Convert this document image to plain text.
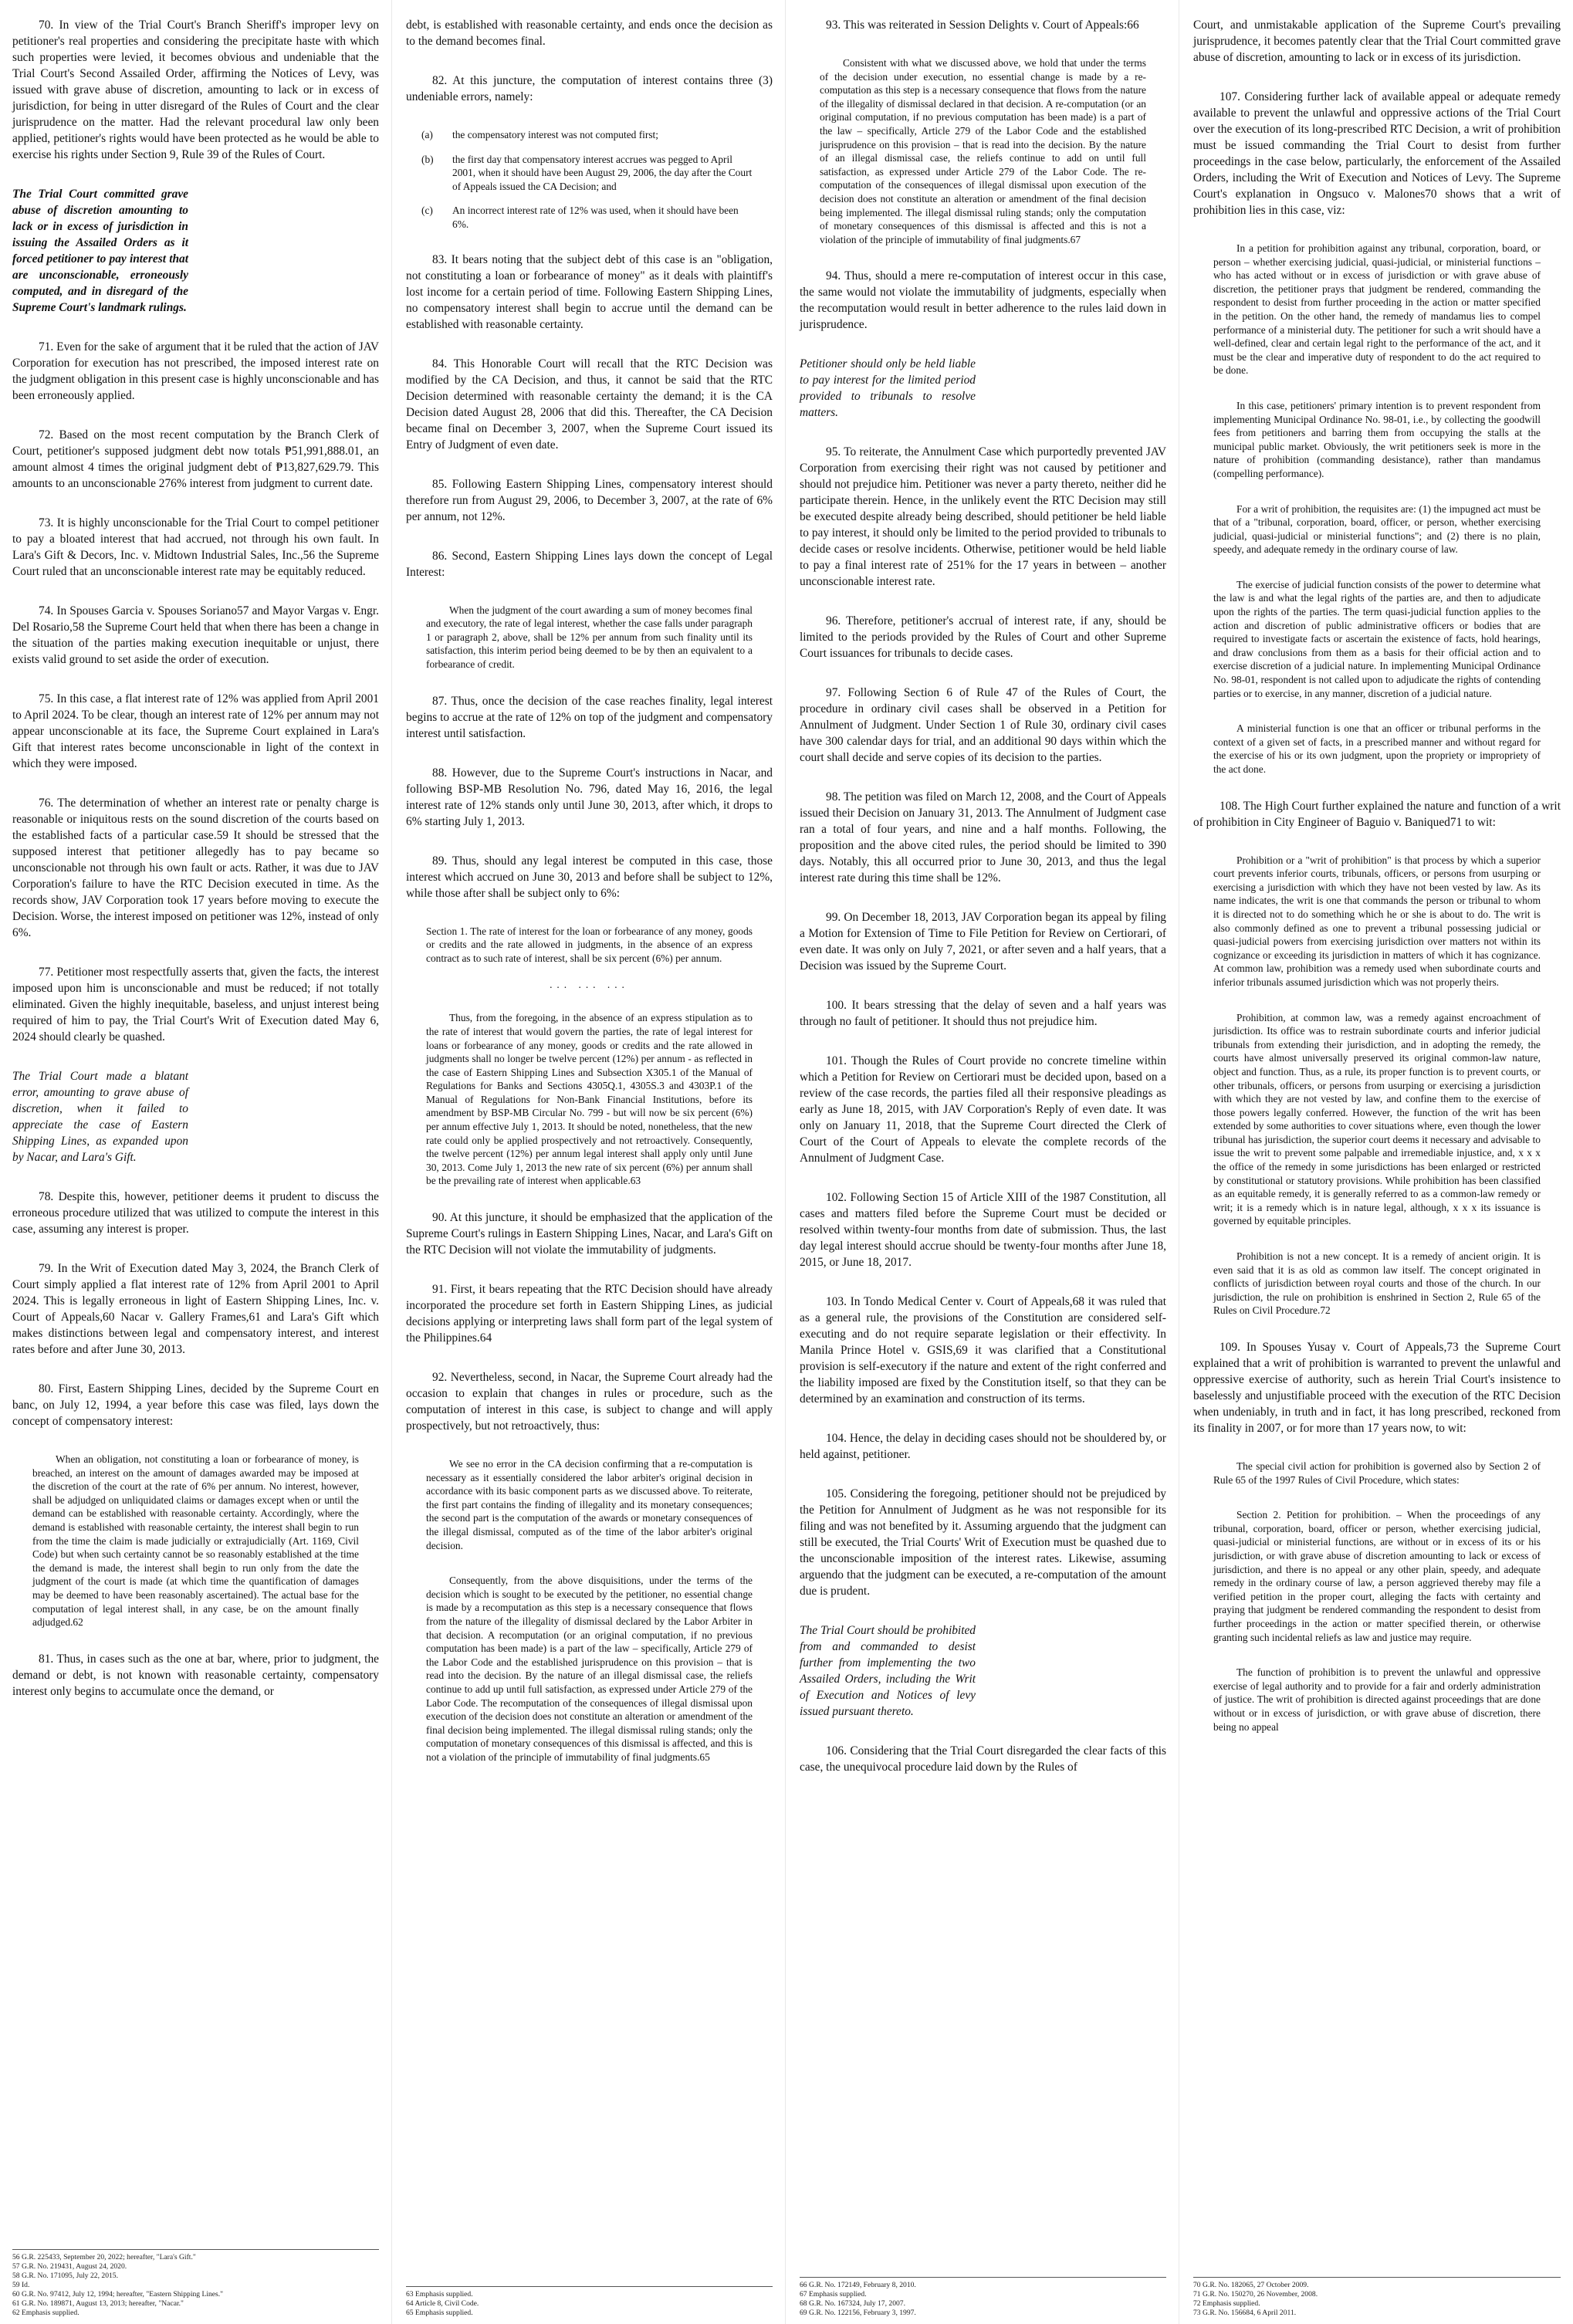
70. In view of the Trial Court's Branch Sheriff's improper levy on petitioner's real properties and considering the precipitate haste with which such properties were levied, it becomes obvious and undeniable that the Trial Court's Second Assailed Order, affirming the Notices of Levy, was issued with grave abuse of discretion, amounting to lack or in excess of jurisdiction, for being in utter disregard of the Rules of Court and the clear jurisprudence on the matter. Had the relevant procedural law only been applied, petitioner's rights would have been protected as he would be able to exercise his rights under Section 9, Rule 39 of the Rules of Court.

The Trial Court committed grave abuse of discretion amounting to lack or in excess of jurisdiction in issuing the Assailed Orders as it forced petitioner to pay interest that are unconscionable, erroneously computed, and in disregard of the Supreme Court's landmark rulings.

71. Even for the sake of argument that it be ruled that the action of JAV Corporation for execution has not prescribed, the imposed interest rate on the judgment obligation in this present case is highly unconscionable and has been erroneously applied.

72. Based on the most recent computation by the Branch Clerk of Court, petitioner's supposed judgment debt now totals ₱51,991,888.01, an amount almost 4 times the original judgment debt of ₱13,827,629.79. This amounts to an unconscionable 276% interest from judgment to current date.

73. It is highly unconscionable for the Trial Court to compel petitioner to pay a bloated interest that had accrued, not through his own fault. In Lara's Gift & Decors, Inc. v. Midtown Industrial Sales, Inc.,56 the Supreme Court ruled that an unconscionable interest rate may be equitably reduced.

74. In Spouses Garcia v. Spouses Soriano57 and Mayor Vargas v. Engr. Del Rosario,58 the Supreme Court held that when there has been a change in the situation of the parties making execution inequitable or unjust, there exists valid ground to set aside the order of execution.

75. In this case, a flat interest rate of 12% was applied from April 2001 to April 2024. To be clear, though an interest rate of 12% per annum may not appear unconscionable at its face, the Supreme Court explained in Lara's Gift that interest rates become unconscionable in light of the context in which they were imposed.

76. The determination of whether an interest rate or penalty charge is reasonable or iniquitous rests on the sound discretion of the courts based on the established facts of a particular case.59 It should be stressed that the supposed interest that petitioner allegedly has to pay became so unconscionable not through his own fault or acts. Rather, it was due to JAV Corporation's failure to have the RTC Decision executed in time. As the records show, JAV Corporation took 17 years before moving to execute the Decision. Worse, the interest imposed on petitioner was 12%, instead of only 6%.

77. Petitioner most respectfully asserts that, given the facts, the interest imposed upon him is unconscionable and must be reduced; if not totally eliminated. Given the highly inequitable, baseless, and unjust interest being required of him to pay, the Trial Court's Writ of Execution dated May 6, 2024 should clearly be quashed.

The Trial Court made a blatant error, amounting to grave abuse of discretion, when it failed to appreciate the case of Eastern Shipping Lines, as expanded upon by Nacar, and Lara's Gift.

78. Despite this, however, petitioner deems it prudent to discuss the erroneous procedure utilized that was utilized to compute the interest in this case, assuming any interest is proper.

79. In the Writ of Execution dated May 3, 2024, the Branch Clerk of Court simply applied a flat interest rate of 12% from April 2001 to April 2024. This is legally erroneous in light of Eastern Shipping Lines, Inc. v. Court of Appeals,60 Nacar v. Gallery Frames,61 and Lara's Gift which makes distinctions between legal and compensatory interest, and interest rates before and after June 30, 2013.

80. First, Eastern Shipping Lines, decided by the Supreme Court en banc, on July 12, 1994, a year before this case was filed, lays down the concept of compensatory interest:

When an obligation, not constituting a loan or forbearance of money, is breached, an interest on the amount of damages awarded may be imposed at the discretion of the court at the rate of 6% per annum. No interest, however, shall be adjudged on unliquidated claims or damages except when or until the demand can be established with reasonable certainty. Accordingly, where the demand is established with reasonable certainty, the interest shall begin to run from the time the claim is made judicially or extrajudicially (Art. 1169, Civil Code) but when such certainty cannot be so reasonably established at the time the demand is made, the interest shall begin to run only from the date the judgment of the court is made (at which time the quantification of damages may be deemed to have been reasonably ascertained). The actual base for the computation of legal interest shall, in any case, be on the amount finally adjudged.62

81. Thus, in cases such as the one at bar, where, prior to judgment, the demand or debt, is not known with reasonable certainty, compensatory interest only begins to accumulate once the demand, or

56 G.R. 225433, September 20, 2022; hereafter, "Lara's Gift."
57 G.R. No. 219431, August 24, 2020.
58 G.R. No. 171095, July 22, 2015.
59 Id.
60 G.R. No. 97412, July 12, 1994; hereafter, "Eastern Shipping Lines."
61 G.R. No. 189871, August 13, 2013; hereafter, "Nacar."
62 Emphasis supplied.

debt, is established with reasonable certainty, and ends once the decision as to the demand becomes final.

82. At this juncture, the computation of interest contains three (3) undeniable errors, namely:

(a)	the compensatory interest was not computed first;
(b)	the first day that compensatory interest accrues was pegged to April 2001, when it should have been August 29, 2006, the day after the Court of Appeals issued the CA Decision; and
(c)	An incorrect interest rate of 12% was used, when it should have been 6%.

83. It bears noting that the subject debt of this case is an "obligation, not constituting a loan or forbearance of money" as it deals with plaintiff's lost income for a certain period of time. Following Eastern Shipping Lines, no compensatory interest shall begin to accrue until the demand can be established with reasonable certainty.

84. This Honorable Court will recall that the RTC Decision was modified by the CA Decision, and thus, it cannot be said that the RTC Decision determined with reasonable certainty the demand; it is the CA Decision dated August 28, 2006 that did this. Thereafter, the CA Decision became final on December 3, 2007, when the Supreme Court issued its Entry of Judgment of even date.

85. Following Eastern Shipping Lines, compensatory interest should therefore run from August 29, 2006, to December 3, 2007, at the rate of 6% per annum, not 12%.

86. Second, Eastern Shipping Lines lays down the concept of Legal Interest:

When the judgment of the court awarding a sum of money becomes final and executory, the rate of legal interest, whether the case falls under paragraph 1 or paragraph 2, above, shall be 12% per annum from such finality until its satisfaction, this interim period being deemed to be by then an equivalent to a forbearance of credit.

87. Thus, once the decision of the case reaches finality, legal interest begins to accrue at the rate of 12% on top of the judgment and compensatory interest until satisfaction.

88. However, due to the Supreme Court's instructions in Nacar, and following BSP-MB Resolution No. 796, dated May 16, 2016, the legal interest rate of 12% stands only until June 30, 2013, after which, it drops to 6% starting July 1, 2013.

89. Thus, should any legal interest be computed in this case, those interest which accrued on June 30, 2013 and before shall be subject to 12%, while those after shall be subject only to 6%:

Section 1. The rate of interest for the loan or forbearance of any money, goods or credits and the rate allowed in judgments, in the absence of an express contract as to such rate of interest, shall be six percent (6%) per annum.

... ... ...

Thus, from the foregoing, in the absence of an express stipulation as to the rate of interest that would govern the parties, the rate of legal interest for loans or forbearance of any money, goods or credits and the rate allowed in judgments shall no longer be twelve percent (12%) per annum - as reflected in the case of Eastern Shipping Lines and Subsection X305.1 of the Manual of Regulations for Banks and Sections 4305Q.1, 4305S.3 and 4303P.1 of the Manual of Regulations for Non-Bank Financial Institutions, before its amendment by BSP-MB Circular No. 799 - but will now be six percent (6%) per annum effective July 1, 2013. It should be noted, nonetheless, that the new rate could only be applied prospectively and not retroactively. Consequently, the twelve percent (12%) per annum legal interest shall apply only until June 30, 2013. Come July 1, 2013 the new rate of six percent (6%) per annum shall be the prevailing rate of interest when applicable.63

90. At this juncture, it should be emphasized that the application of the Supreme Court's rulings in Eastern Shipping Lines, Nacar, and Lara's Gift on the RTC Decision will not violate the immutability of judgments.

91. First, it bears repeating that the RTC Decision should have already incorporated the procedure set forth in Eastern Shipping Lines, as judicial decisions applying or interpreting laws shall form part of the legal system of the Philippines.64

92. Nevertheless, second, in Nacar, the Supreme Court already had the occasion to explain that changes in rules or procedure, such as the computation of interest in this case, is subject to change and will apply prospectively, but not retroactively, thus:

We see no error in the CA decision confirming that a re-computation is necessary as it essentially considered the labor arbiter's original decision in accordance with its basic component parts as we discussed above. To reiterate, the first part contains the finding of illegality and its monetary consequences; the second part is the computation of the awards or monetary consequences of the illegal dismissal, computed as of the time of the labor arbiter's original decision.

Consequently, from the above disquisitions, under the terms of the decision which is sought to be executed by the petitioner, no essential change is made by a recomputation as this step is a necessary consequence that flows from the nature of the illegality of dismissal declared by the Labor Arbiter in that decision. A recomputation (or an original computation, if no previous computation has been made) is a part of the law – specifically, Article 279 of the Labor Code and the established jurisprudence on this provision – that is read into the decision. By the nature of an illegal dismissal case, the reliefs continue to add up until full satisfaction, as expressed under Article 279 of the Labor Code. The recomputation of the consequences of illegal dismissal upon execution of the decision does not constitute an alteration or amendment of the final decision being implemented. The illegal dismissal ruling stands; only the computation of monetary consequences of this dismissal is affected, and this is not a violation of the principle of immutability of final judgments.65

63 Emphasis supplied.
64 Article 8, Civil Code.
65 Emphasis supplied.

93. This was reiterated in Session Delights v. Court of Appeals:66

Consistent with what we discussed above, we hold that under the terms of the decision under execution, no essential change is made by a re-computation as this step is a necessary consequence that flows from the nature of the illegality of dismissal declared in that decision. A re-computation (or an original computation, if no previous computation has been made) is a part of the law – specifically, Article 279 of the Labor Code and the established jurisprudence on this provision – that is read into the decision. By the nature of an illegal dismissal case, the reliefs continue to add on until full satisfaction, as expressed under Article 279 of the Labor Code. The re-computation of the consequences of illegal dismissal upon execution of the decision does not constitute an alteration or amendment of the final decision being implemented. The illegal dismissal ruling stands; only the computation of monetary consequences of this dismissal is affected and this is not a violation of the principle of immutability of final judgments.67

94. Thus, should a mere re-computation of interest occur in this case, the same would not violate the immutability of judgments, especially when the recomputation would result in better adherence to the rules laid down in jurisprudence.

Petitioner should only be held liable to pay interest for the limited period provided to tribunals to resolve matters.

95. To reiterate, the Annulment Case which purportedly prevented JAV Corporation from exercising their right was not caused by petitioner and should not prejudice him. Petitioner was never a party thereto, neither did he participate therein. Hence, in the unlikely event the RTC Decision may still be executed despite already being described, should petitioner be held liable to pay interest, it should only be limited to the period provided to tribunals to decide cases or resolve incidents. Otherwise, petitioner would be held liable to pay a final interest rate of 251% for the 17 years in between – another unconscionable interest rate.

96. Therefore, petitioner's accrual of interest rate, if any, should be limited to the periods provided by the Rules of Court and other Supreme Court issuances for tribunals to decide cases.

97. Following Section 6 of Rule 47 of the Rules of Court, the procedure in ordinary civil cases shall be observed in a Petition for Annulment of Judgment. Under Section 1 of Rule 30, ordinary civil cases have 300 calendar days for trial, and an additional 90 days within which the court shall decide and serve copies of its decision to the parties.

98. The petition was filed on March 12, 2008, and the Court of Appeals issued their Decision on January 31, 2013. The Annulment of Judgment case ran a total of four years, and nine and a half months. Following, the proposition and the above cited rules, the period should be limited to 390 days. Notably, this all occurred prior to June 30, 2013, and thus the legal interest rate during this time shall be 12%.

99. On December 18, 2013, JAV Corporation began its appeal by filing a Motion for Extension of Time to File Petition for Review on Certiorari, of even date. It was only on July 7, 2021, or after seven and a half years, that a Decision was issued by the Supreme Court.

100. It bears stressing that the delay of seven and a half years was through no fault of petitioner. It should thus not prejudice him.

101. Though the Rules of Court provide no concrete timeline within which a Petition for Review on Certiorari must be decided upon, based on a review of the case records, the parties filed all their responsive pleadings as early as June 18, 2015, with JAV Corporation's Reply of even date. It was only on January 11, 2018, that the Supreme Court directed the Clerk of Court of the Court of Appeals to elevate the complete records of the Annulment of Judgment Case.

102. Following Section 15 of Article XIII of the 1987 Constitution, all cases and matters filed before the Supreme Court must be decided or resolved within twenty-four months from date of submission. Thus, the last day legal interest should accrue should be twenty-four months after June 18, 2015, or June 18, 2017.

103. In Tondo Medical Center v. Court of Appeals,68 it was ruled that as a general rule, the provisions of the Constitution are considered self-executing and do not require separate legislation or their effectivity. In Manila Prince Hotel v. GSIS,69 it was clarified that a Constitutional provision is self-executory if the nature and extent of the right conferred and the liability imposed are fixed by the Constitution itself, so that they can be determined by an examination and construction of its terms.

104. Hence, the delay in deciding cases should not be shouldered by, or held against, petitioner.

105. Considering the foregoing, petitioner should not be prejudiced by the Petition for Annulment of Judgment as he was not responsible for its filing and was not benefited by it. Assuming arguendo that the judgment can still be executed, the Trial Courts' Writ of Execution must be quashed due to the unconscionable imposition of the interest rates. Likewise, assuming arguendo that the judgment can be executed, a re-computation of the amount due is prudent.

The Trial Court should be prohibited from and commanded to desist further from implementing the two Assailed Orders, including the Writ of Execution and Notices of levy issued pursuant thereto.

106. Considering that the Trial Court disregarded the clear facts of this case, the unequivocal procedure laid down by the Rules of

66 G.R. No. 172149, February 8, 2010.
67 Emphasis supplied.
68 G.R. No. 167324, July 17, 2007.
69 G.R. No. 122156, February 3, 1997.

Court, and unmistakable application of the Supreme Court's prevailing jurisprudence, it becomes patently clear that the Trial Court committed grave abuse of discretion, amounting to lack or in excess of its jurisdiction.

107. Considering further lack of available appeal or adequate remedy available to prevent the unlawful and oppressive actions of the Trial Court over the execution of its long-prescribed RTC Decision, a writ of prohibition must be issued commanding the Trial Court to desist from further proceedings in the case below, particularly, the enforcement of the Assailed Orders, including the Writ of Execution and Notices of Levy. The Supreme Court's explanation in Ongsuco v. Malones70 shows that a writ of prohibition lies in this case, viz:

In a petition for prohibition against any tribunal, corporation, board, or person – whether exercising judicial, quasi-judicial, or ministerial functions – who has acted without or in excess of jurisdiction or with grave abuse of discretion, the petitioner prays that judgment be rendered, commanding the respondent to desist from further proceeding in the action or matter specified in the petition. On the other hand, the remedy of mandamus lies to compel performance of a ministerial duty. The petitioner for such a writ should have a well-defined, clear and certain legal right to the performance of the act, and it must be the clear and imperative duty of respondent to do the act required to be done.

In this case, petitioners' primary intention is to prevent respondent from implementing Municipal Ordinance No. 98-01, i.e., by collecting the goodwill fees from petitioners and barring them from occupying the stalls at the municipal public market. Obviously, the writ petitioners seek is more in the nature of prohibition (commanding desistance), rather than mandamus (compelling performance).

For a writ of prohibition, the requisites are: (1) the impugned act must be that of a "tribunal, corporation, board, officer, or person, whether exercising judicial, quasi-judicial or ministerial functions"; and (2) there is no plain, speedy, and adequate remedy in the ordinary course of law.

The exercise of judicial function consists of the power to determine what the law is and what the legal rights of the parties are, and then to adjudicate upon the rights of the parties. The term quasi-judicial function applies to the action and discretion of public administrative officers or bodies that are required to investigate facts or ascertain the existence of facts, hold hearings, and draw conclusions from them as a basis for their official action and to exercise discretion of a judicial nature. In implementing Municipal Ordinance No. 98-01, respondent is not called upon to adjudicate the rights of contending parties or to exercise, in any manner, discretion of a judicial nature.

A ministerial function is one that an officer or tribunal performs in the context of a given set of facts, in a prescribed manner and without regard for the exercise of his or its own judgment, upon the propriety or impropriety of the act done.

108. The High Court further explained the nature and function of a writ of prohibition in City Engineer of Baguio v. Baniqued71 to wit:

Prohibition or a "writ of prohibition" is that process by which a superior court prevents inferior courts, tribunals, officers, or persons from usurping or exercising a jurisdiction with which they have not been vested by law. As its name indicates, the writ is one that commands the person or tribunal to whom it is directed not to do something which he or she is about to do. The writ is also commonly defined as one to prevent a tribunal possessing judicial or quasi-judicial powers from exercising jurisdiction over matters not within its cognizance or exceeding its jurisdiction in matters of which it has cognizance. At common law, prohibition was a remedy used when subordinate courts and inferior tribunals assumed jurisdiction which was not properly theirs.

Prohibition, at common law, was a remedy against encroachment of jurisdiction. Its office was to restrain subordinate courts and inferior judicial tribunals from extending their jurisdiction, and in adopting the remedy, the courts have almost universally preserved its original common-law nature, object and function. Thus, as a rule, its proper function is to prevent courts, or other tribunals, officers, or persons from usurping or exercising a jurisdiction with which they are not vested by law, and confine them to the exercise of those powers legally conferred. However, the function of the writ has been extended by some authorities to cover situations where, even though the lower tribunal has jurisdiction, the superior court deems it necessary and advisable to issue the writ to prevent some palpable and irremediable injustice, and, x x x the office of the remedy in some jurisdictions has been enlarged or restricted by constitutional or statutory provisions. While prohibition has been classified as an equitable remedy, it is generally referred to as a common-law remedy or writ; it is a remedy which is in nature legal, although, x x x its issuance is governed by equitable principles.

Prohibition is not a new concept. It is a remedy of ancient origin. It is even said that it is as old as common law itself. The concept originated in conflicts of jurisdiction between royal courts and those of the church. In our jurisdiction, the rule on prohibition is enshrined in Section 2, Rule 65 of the Rules on Civil Procedure.72

109. In Spouses Yusay v. Court of Appeals,73 the Supreme Court explained that a writ of prohibition is warranted to prevent the unlawful and oppressive exercise of authority, such as herein Trial Court's insistence to baselessly and unjustifiable proceed with the execution of the RTC Decision when undeniably, in truth and in fact, it has long prescribed, reckoned from its finality in 2007, or for more than 17 years now, to wit:

The special civil action for prohibition is governed also by Section 2 of Rule 65 of the 1997 Rules of Civil Procedure, which states:

Section 2. Petition for prohibition. – When the proceedings of any tribunal, corporation, board, officer or person, whether exercising judicial, quasi-judicial or ministerial functions, are without or in excess of its or his jurisdiction, or with grave abuse of discretion amounting to lack or excess of jurisdiction, and there is no appeal or any other plain, speedy, and adequate remedy in the ordinary course of law, a person aggrieved thereby may file a verified petition in the proper court, alleging the facts with certainty and praying that judgment be rendered commanding the respondent to desist from further proceedings in the action or matter specified therein, or otherwise granting such incidental reliefs as law and justice may require.

The function of prohibition is to prevent the unlawful and oppressive exercise of legal authority and to provide for a fair and orderly administration of justice. The writ of prohibition is directed against proceedings that are done without or in excess of jurisdiction, or with grave abuse of discretion, there being no appeal

70 G.R. No. 182065, 27 October 2009.
71 G.R. No. 150270, 26 November, 2008.
72 Emphasis supplied.
73 G.R. No. 156684, 6 April 2011.
